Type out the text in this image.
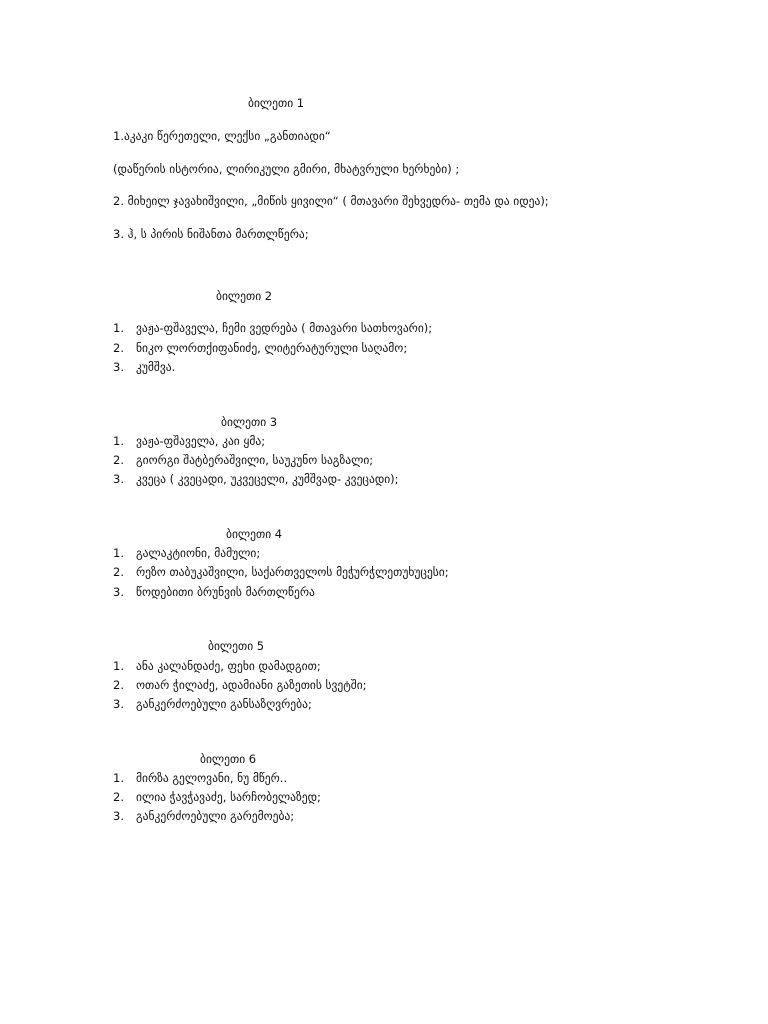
ბილეთი 1
1.აკაკი წერეთელი, ლექსი „განთიადი“
(დაწერის ისტორია, ლირიკული გმირი, მხატვრული ხერხები) ;
2. მიხეილ ჯავახიშვილი, „მიწის ყივილი“ ( მთავარი შეხვედრა- თემა და იდეა);
3. ჰ, ს პირის ნიშანთა მართლწერა;
ბილეთი 2
1. ვაჟა-ფშაველა, ჩემი ვედრება ( მთავარი სათხოვარი);
2. ნიკო ლორთქიფანიძე, ლიტერატურული საღამო;
3. კუმშვა.
ბილეთი 3
1. ვაჟა-ფშაველა, კაი ყმა;
2. გიორგი შატბერაშვილი, საუკუნო საგზალი;
3. კვეცა ( კვეცადი, უკვეცელი, კუმშვად- კვეცადი);
ბილეთი 4
1. გალაკტიონი, მამული;
2. რეზო თაბუკაშვილი, საქართველოს მეჭურჭლეთუხუცესი;
3. წოდებითი ბრუნვის მართლწერა
ბილეთი 5
1. ანა კალანდაძე, ფეხი დამადგით;
2. ოთარ ჭილაძე, ადამიანი გაზეთის სვეტში;
3. განკერძოებული განსაზღვრება;
ბილეთი 6
1. მირზა გელოვანი, ნუ მწერ..
2. ილია ჭავჭავაძე, სარჩობელაზედ;
3. განკერძოებული გარემოება;
